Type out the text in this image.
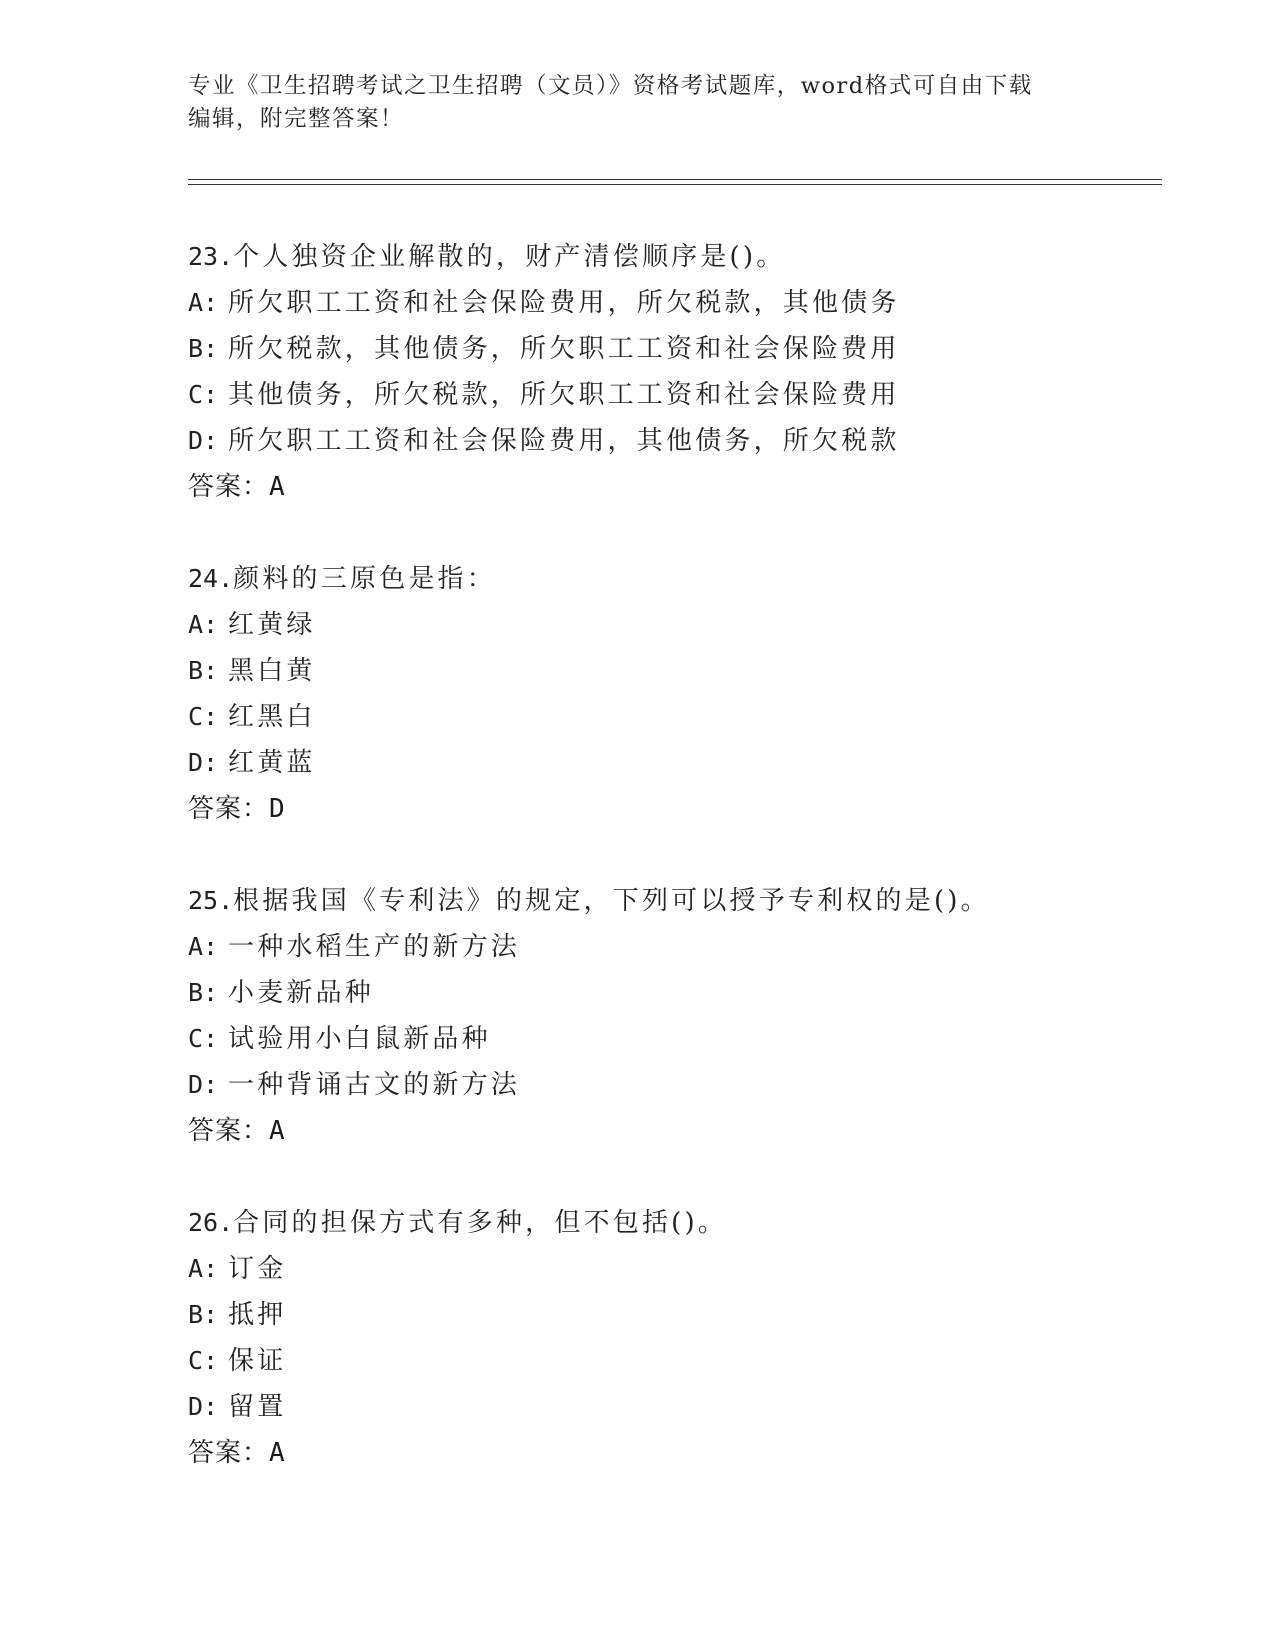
专业《卫生招聘考试之卫生招聘（文员）》资格考试题库，word格式可自由下载
编辑，附完整答案！
23.个人独资企业解散的，财产清偿顺序是()。
A: 所欠职工工资和社会保险费用，所欠税款，其他债务
B: 所欠税款，其他债务，所欠职工工资和社会保险费用
C: 其他债务，所欠税款，所欠职工工资和社会保险费用
D: 所欠职工工资和社会保险费用，其他债务，所欠税款
答案：A
24.颜料的三原色是指：
A: 红黄绿
B: 黑白黄
C: 红黑白
D: 红黄蓝
答案：D
25.根据我国《专利法》的规定，下列可以授予专利权的是()。
A: 一种水稻生产的新方法
B: 小麦新品种
C: 试验用小白鼠新品种
D: 一种背诵古文的新方法
答案：A
26.合同的担保方式有多种，但不包括()。
A: 订金
B: 抵押
C: 保证
D: 留置
答案：A
